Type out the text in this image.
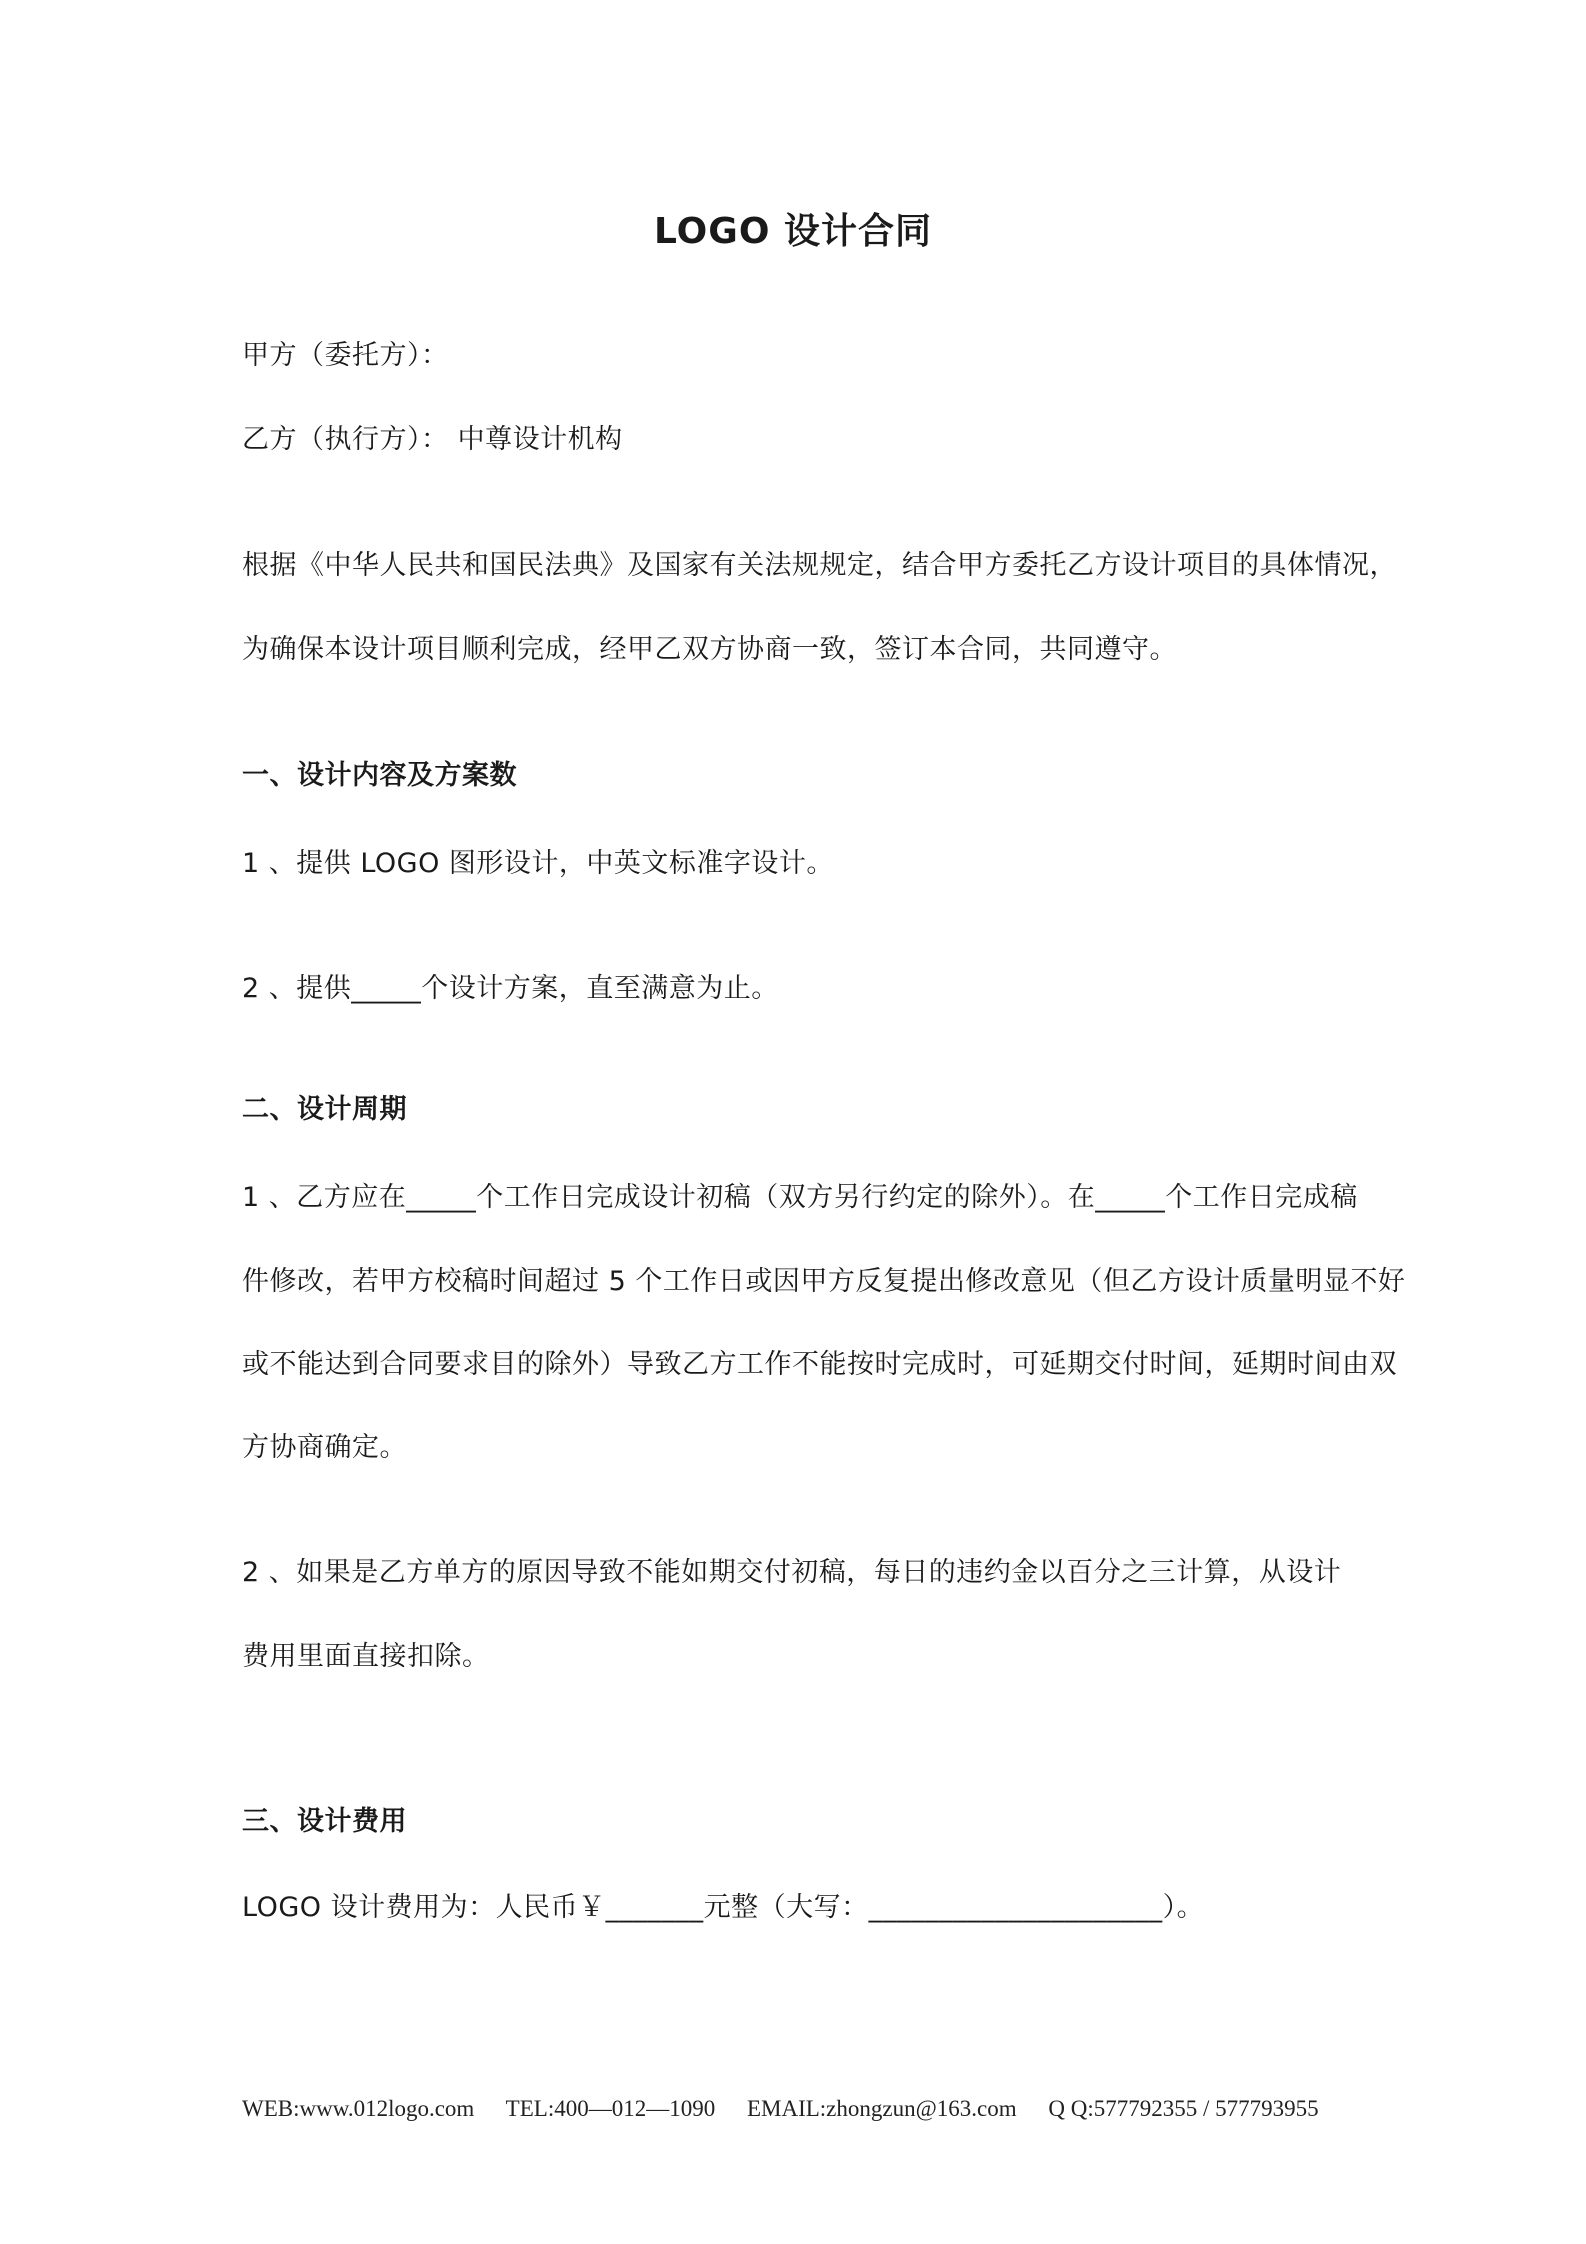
LOGO 设计合同
甲方（委托方）：
乙方（执行方）： 中尊设计机构
根据《中华人民共和国民法典》及国家有关法规规定，结合甲方委托乙方设计项目的具体情况，
为确保本设计项目顺利完成，经甲乙双方协商一致，签订本合同，共同遵守。
一、设计内容及方案数
1 、提供 LOGO 图形设计，中英文标准字设计。
2 、提供_____个设计方案，直至满意为止。
二、设计周期
1 、乙方应在_____个工作日完成设计初稿（双方另行约定的除外）。在_____个工作日完成稿
件修改，若甲方校稿时间超过 5 个工作日或因甲方反复提出修改意见（但乙方设计质量明显不好
或不能达到合同要求目的除外）导致乙方工作不能按时完成时，可延期交付时间，延期时间由双
方协商确定。
2 、如果是乙方单方的原因导致不能如期交付初稿，每日的违约金以百分之三计算，从设计
费用里面直接扣除。
三、设计费用
LOGO 设计费用为：人民币￥_______元整（大写：_____________________）。
WEB:www.012logo.com TEL:400—012—1090 EMAIL:zhongzun@163.com Q Q:577792355 / 577793955
